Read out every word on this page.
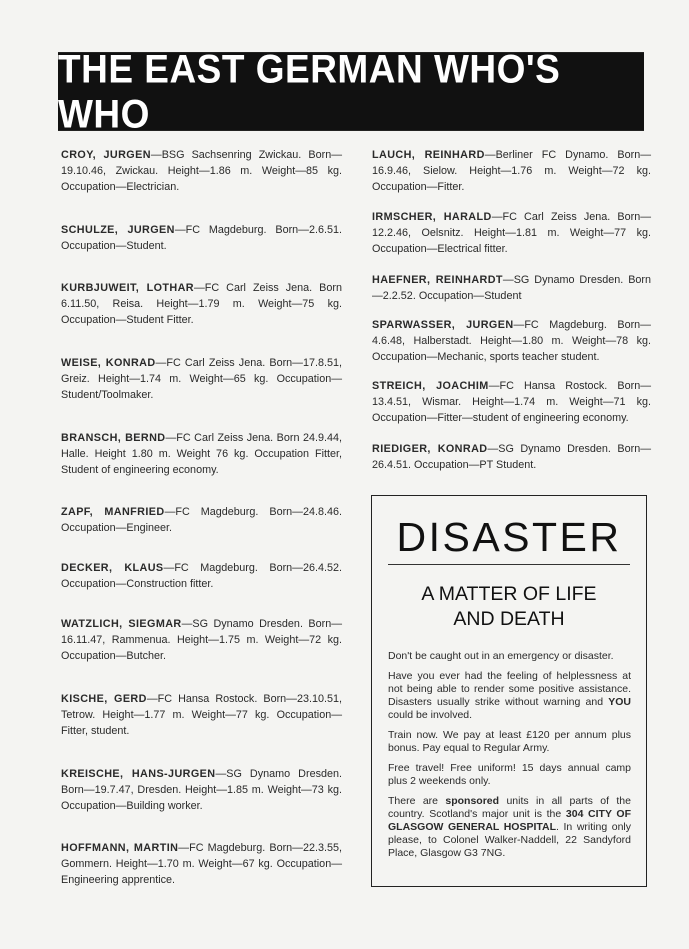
THE EAST GERMAN WHO'S WHO
CROY, JURGEN—BSG Sachsenring Zwickau. Born—19.10.46, Zwickau. Height—1.86 m. Weight—85 kg. Occupation—Electrician.
SCHULZE, JURGEN—FC Magdeburg. Born—2.6.51. Occupation—Student.
KURBJUWEIT, LOTHAR—FC Carl Zeiss Jena. Born 6.11.50, Reisa. Height—1.79 m. Weight—75 kg. Occupation—Student Fitter.
WEISE, KONRAD—FC Carl Zeiss Jena. Born—17.8.51, Greiz. Height—1.74 m. Weight—65 kg. Occupation—Student/Toolmaker.
BRANSCH, BERND—FC Carl Zeiss Jena. Born 24.9.44, Halle. Height 1.80 m. Weight 76 kg. Occupation Fitter, Student of engineering economy.
ZAPF, MANFRIED—FC Magdeburg. Born—24.8.46. Occupation—Engineer.
DECKER, KLAUS—FC Magdeburg. Born—26.4.52. Occupation—Construction fitter.
WATZLICH, SIEGMAR—SG Dynamo Dresden. Born—16.11.47, Rammenua. Height—1.75 m. Weight—72 kg. Occupation—Butcher.
KISCHE, GERD—FC Hansa Rostock. Born—23.10.51, Tetrow. Height—1.77 m. Weight—77 kg. Occupation—Fitter, student.
KREISCHE, HANS-JURGEN—SG Dynamo Dresden. Born—19.7.47, Dresden. Height—1.85 m. Weight—73 kg. Occupation—Building worker.
HOFFMANN, MARTIN—FC Magdeburg. Born—22.3.55, Gommern. Height—1.70 m. Weight—67 kg. Occupation—Engineering apprentice.
LAUCH, REINHARD—Berliner FC Dynamo. Born—16.9.46, Sielow. Height—1.76 m. Weight—72 kg. Occupation—Fitter.
IRMSCHER, HARALD—FC Carl Zeiss Jena. Born—12.2.46, Oelsnitz. Height—1.81 m. Weight—77 kg. Occupation—Electrical fitter.
HAEFNER, REINHARDT—SG Dynamo Dresden. Born—2.2.52. Occupation—Student
SPARWASSER, JURGEN—FC Magdeburg. Born—4.6.48, Halberstadt. Height—1.80 m. Weight—78 kg. Occupation—Mechanic, sports teacher student.
STREICH, JOACHIM—FC Hansa Rostock. Born—13.4.51, Wismar. Height—1.74 m. Weight—71 kg. Occupation—Fitter—student of engineering economy.
RIEDIGER, KONRAD—SG Dynamo Dresden. Born—26.4.51. Occupation—PT Student.
DISASTER
A MATTER OF LIFE
AND DEATH

Don't be caught out in an emergency or disaster.

Have you ever had the feeling of helplessness at not being able to render some positive assistance. Disasters usually strike without warning and YOU could be involved.

Train now. We pay at least £120 per annum plus bonus. Pay equal to Regular Army.

Free travel! Free uniform! 15 days annual camp plus 2 weekends only.

There are sponsored units in all parts of the country. Scotland's major unit is the 304 CITY OF GLASGOW GENERAL HOSPITAL. In writing only please, to Colonel Walker-Naddell, 22 Sandyford Place, Glasgow G3 7NG.
